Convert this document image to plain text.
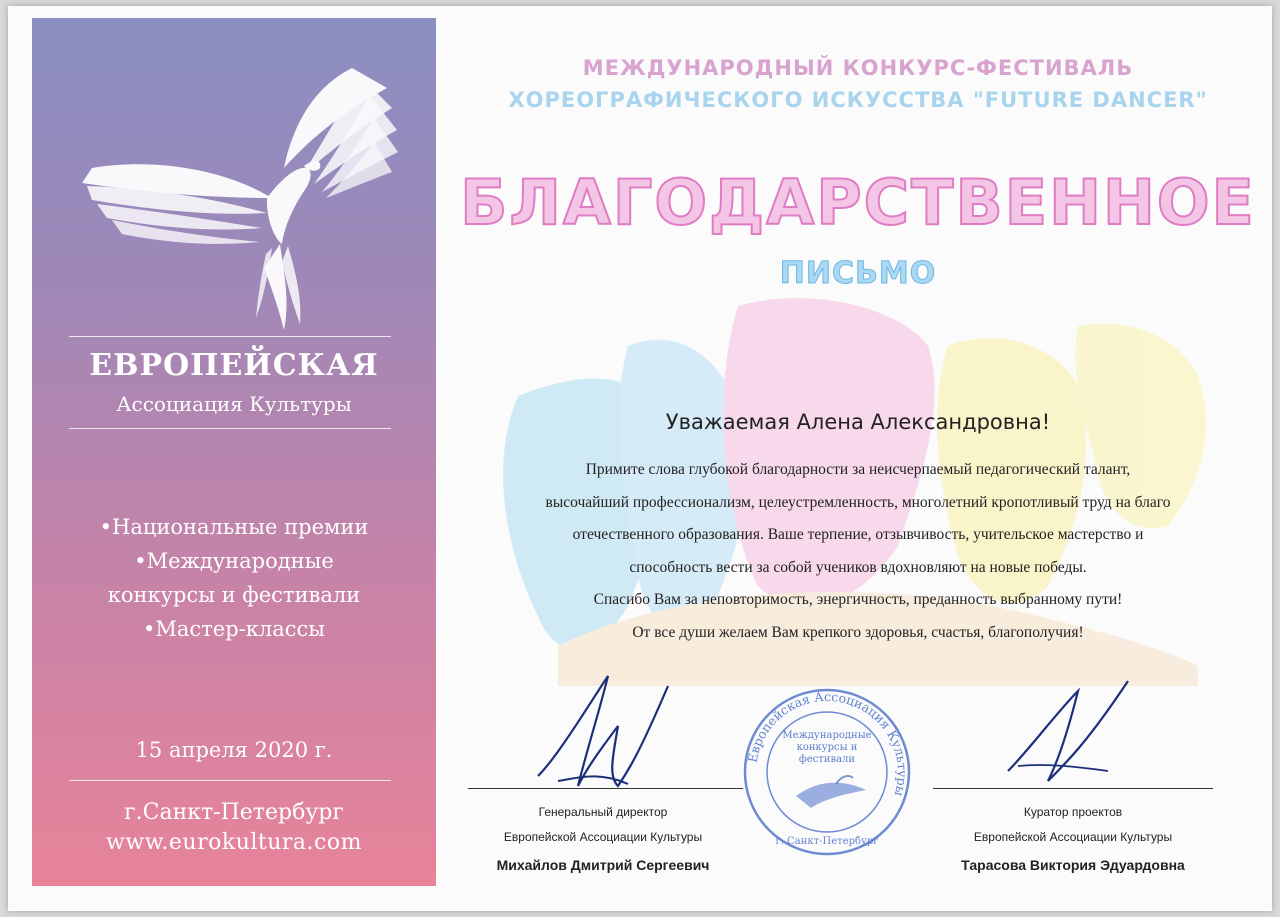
ЕВРОПЕЙСКАЯ
Ассоциация Культуры
•Национальные премии
•Международные
конкурсы и фестивали
•Мастер-классы
15 апреля 2020 г.
г.Санкт-Петербург
www.eurokultura.com
МЕЖДУНАРОДНЫЙ КОНКУРС-ФЕСТИВАЛЬ
ХОРЕОГРАФИЧЕСКОГО ИСКУССТВА "FUTURE DANCER"
БЛАГОДАРСТВЕННОЕ
ПИСЬМО
Уважаемая Алена Александровна!
Примите слова глубокой благодарности за неисчерпаемый педагогический талант,
высочайший профессионализм, целеустремленность, многолетний кропотливый труд на благо
отечественного образования. Ваше терпение, отзывчивость, учительское мастерство и
способность вести за собой учеников вдохновляют на новые победы.
Спасибо Вам за неповторимость, энергичность, преданность выбранному пути!
От все души желаем Вам крепкого здоровья, счастья, благополучия!
Генеральный директор
Европейской Ассоциации Культуры
Михайлов Дмитрий Сергеевич
Куратор проектов
Европейской Ассоциации Культуры
Тарасова Виктория Эдуардовна
Европейская Ассоциация Культуры
г. Санкт-Петербург
Международные конкурсы и фестивали
